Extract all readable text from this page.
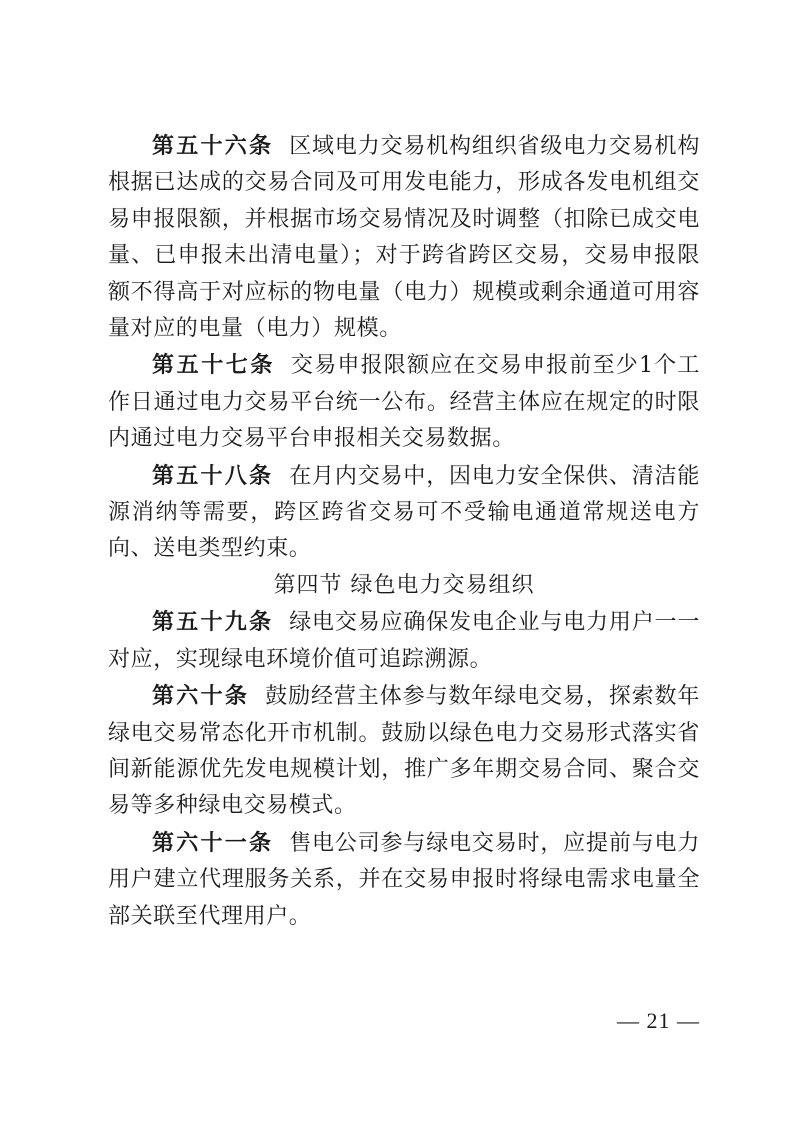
第五十六条 区域电力交易机构组织省级电力交易机构根据已达成的交易合同及可用发电能力，形成各发电机组交易申报限额，并根据市场交易情况及时调整（扣除已成交电量、已申报未出清电量）；对于跨省跨区交易，交易申报限额不得高于对应标的物电量（电力）规模或剩余通道可用容量对应的电量（电力）规模。

第五十七条 交易申报限额应在交易申报前至少1个工作日通过电力交易平台统一公布。经营主体应在规定的时限内通过电力交易平台申报相关交易数据。

第五十八条 在月内交易中，因电力安全保供、清洁能源消纳等需要，跨区跨省交易可不受输电通道常规送电方向、送电类型约束。

第四节 绿色电力交易组织

第五十九条 绿电交易应确保发电企业与电力用户一一对应，实现绿电环境价值可追踪溯源。

第六十条 鼓励经营主体参与数年绿电交易，探索数年绿电交易常态化开市机制。鼓励以绿色电力交易形式落实省间新能源优先发电规模计划，推广多年期交易合同、聚合交易等多种绿电交易模式。

第六十一条 售电公司参与绿电交易时，应提前与电力用户建立代理服务关系，并在交易申报时将绿电需求电量全部关联至代理用户。

— 21 —
